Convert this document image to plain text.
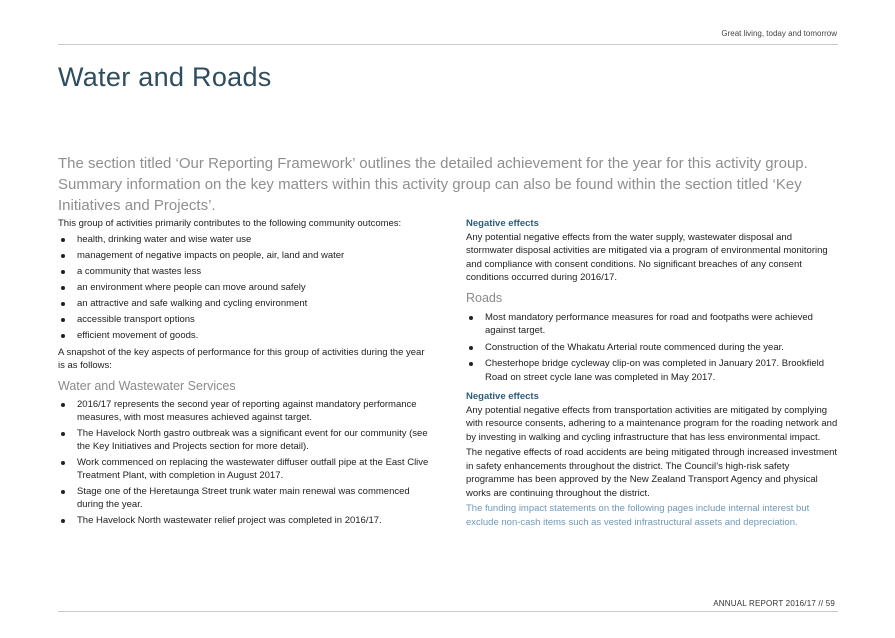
Great living, today and tomorrow
Water and Roads

The section titled ‘Our Reporting Framework’ outlines the detailed achievement for the year for this activity group. Summary information on the key matters within this activity group can also be found within the section titled ‘Key Initiatives and Projects’.

This group of activities primarily contributes to the following community outcomes:

health, drinking water and wise water use
management of negative impacts on people, air, land and water
a community that wastes less
an environment where people can move around safely
an attractive and safe walking and cycling environment
accessible transport options
efficient movement of goods.

A snapshot of the key aspects of performance for this group of activities during the year is as follows:

Water and Wastewater Services

2016/17 represents the second year of reporting against mandatory performance measures, with most measures achieved against target.
The Havelock North gastro outbreak was a significant event for our community (see the Key Initiatives and Projects section for more detail).
Work commenced on replacing the wastewater diffuser outfall pipe at the East Clive Treatment Plant, with completion in August 2017.
Stage one of the Heretaunga Street trunk water main renewal was commenced during the year.
The Havelock North wastewater relief project was completed in 2016/17.

Negative effects

Any potential negative effects from the water supply, wastewater disposal and stormwater disposal activities are mitigated via a program of environmental monitoring and compliance with consent conditions. No significant breaches of any consent conditions occurred during 2016/17.

Roads

Most mandatory performance measures for road and footpaths were achieved against target.
Construction of the Whakatu Arterial route commenced during the year.
Chesterhope bridge cycleway clip-on was completed in January 2017. Brookfield Road on street cycle lane was completed in May 2017.

Negative effects

Any potential negative effects from transportation activities are mitigated by complying with resource consents, adhering to a maintenance program for the roading network and by investing in walking and cycling infrastructure that has less environmental impact.

The negative effects of road accidents are being mitigated through increased investment in safety enhancements throughout the district. The Council’s high-risk safety programme has been approved by the New Zealand Transport Agency and physical works are continuing throughout the district.

The funding impact statements on the following pages include internal interest but exclude non-cash items such as vested infrastructural assets and depreciation.

ANNUAL REPORT 2016/17 // 59
